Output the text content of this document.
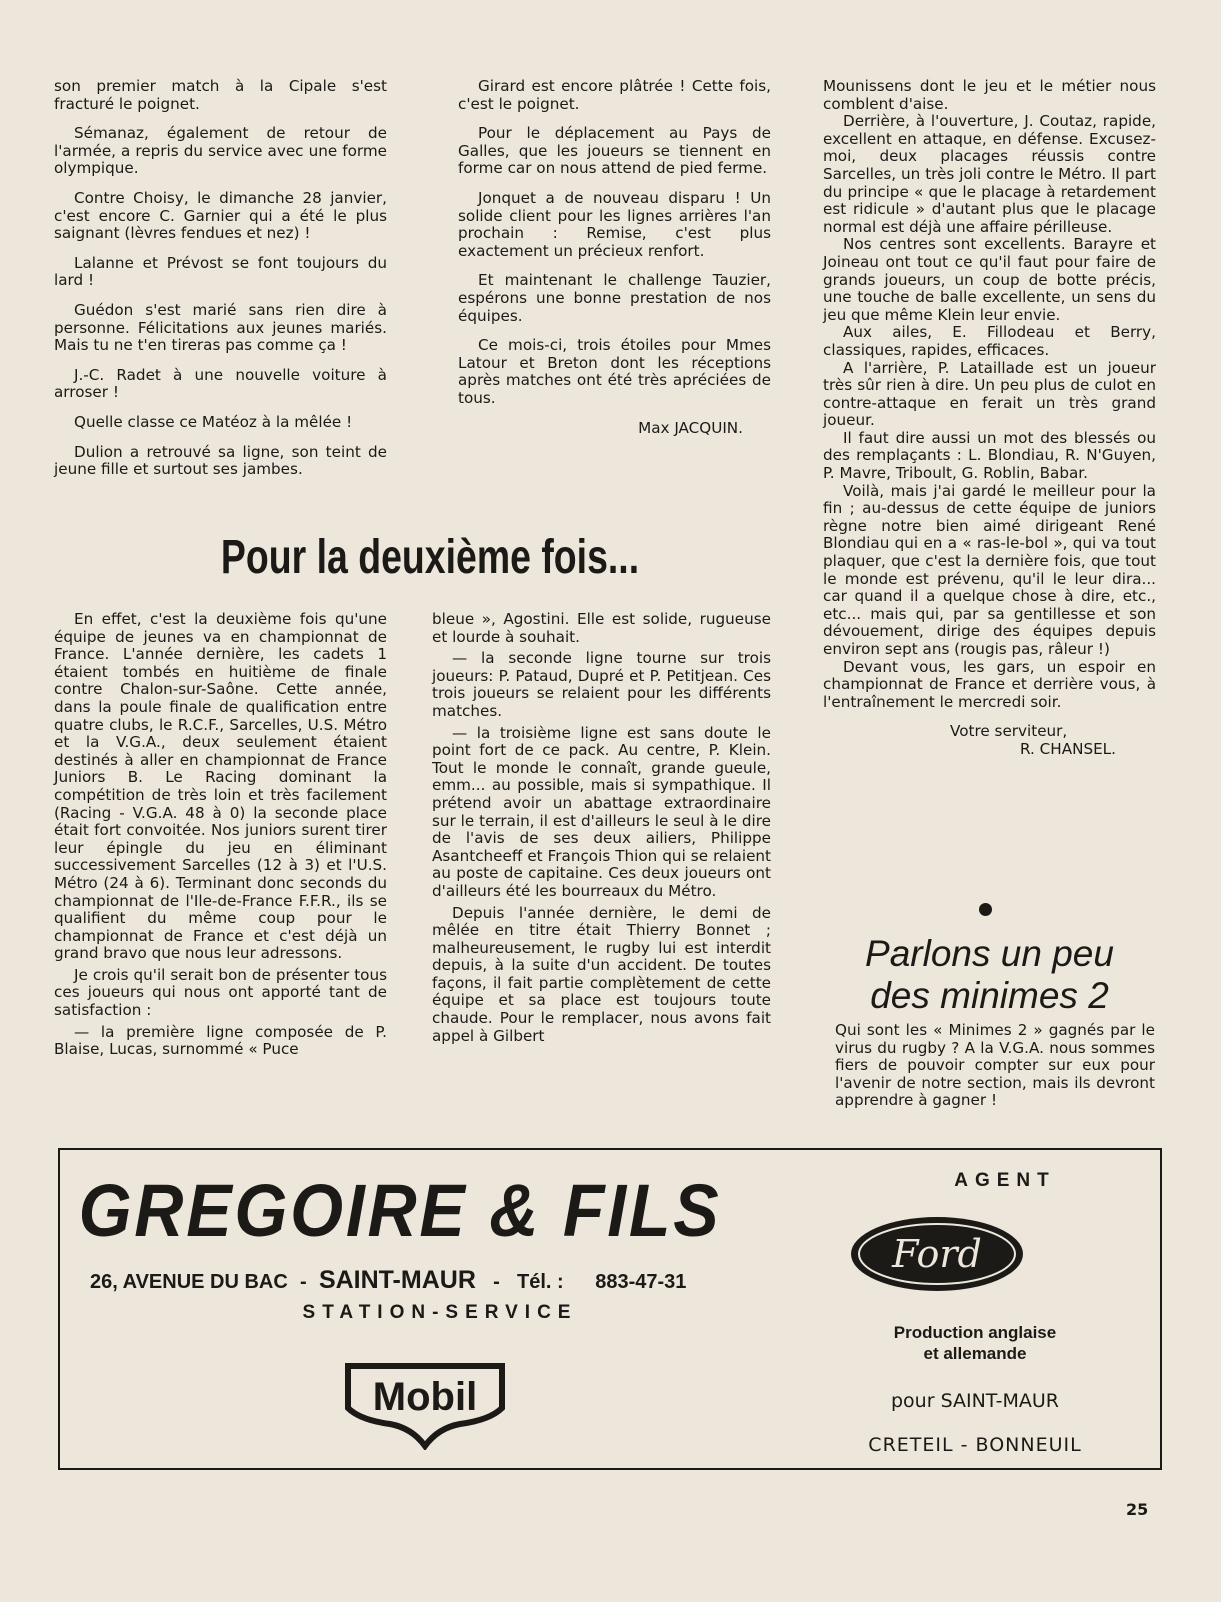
son premier match à la Cipale s'est fracturé le poignet.

Sémanaz, également de retour de l'armée, a repris du service avec une forme olympique.

Contre Choisy, le dimanche 28 janvier, c'est encore C. Garnier qui a été le plus saignant (lèvres fendues et nez) !

Lalanne et Prévost se font toujours du lard !

Guédon s'est marié sans rien dire à personne. Félicitations aux jeunes mariés. Mais tu ne t'en tireras pas comme ça !

J.-C. Radet à une nouvelle voiture à arroser !

Quelle classe ce Matéoz à la mêlée !

Dulion a retrouvé sa ligne, son teint de jeune fille et surtout ses jambes.

Girard est encore plâtrée ! Cette fois, c'est le poignet.

Pour le déplacement au Pays de Galles, que les joueurs se tiennent en forme car on nous attend de pied ferme.

Jonquet a de nouveau disparu ! Un solide client pour les lignes arrières l'an prochain : Remise, c'est plus exactement un précieux renfort.

Et maintenant le challenge Tauzier, espérons une bonne prestation de nos équipes.

Ce mois-ci, trois étoiles pour Mmes Latour et Breton dont les réceptions après matches ont été très apréciées de tous.

Max JACQUIN.

Mounissens dont le jeu et le métier nous comblent d'aise.

Derrière, à l'ouverture, J. Coutaz, rapide, excellent en attaque, en défense. Excusez-moi, deux placages réussis contre Sarcelles, un très joli contre le Métro. Il part du principe « que le placage à retardement est ridicule » d'autant plus que le placage normal est déjà une affaire périlleuse.

Nos centres sont excellents. Barayre et Joineau ont tout ce qu'il faut pour faire de grands joueurs, un coup de botte précis, une touche de balle excellente, un sens du jeu que même Klein leur envie.

Aux ailes, E. Fillodeau et Berry, classiques, rapides, efficaces.

A l'arrière, P. Lataillade est un joueur très sûr rien à dire. Un peu plus de culot en contre-attaque en ferait un très grand joueur.

Il faut dire aussi un mot des blessés ou des remplaçants : L. Blondiau, R. N'Guyen, P. Mavre, Triboult, G. Roblin, Babar.

Voilà, mais j'ai gardé le meilleur pour la fin ; au-dessus de cette équipe de juniors règne notre bien aimé dirigeant René Blondiau qui en a « ras-le-bol », qui va tout plaquer, que c'est la dernière fois, que tout le monde est prévenu, qu'il le leur dira... car quand il a quelque chose à dire, etc., etc... mais qui, par sa gentillesse et son dévouement, dirige des équipes depuis environ sept ans (rougis pas, râleur !)

Devant vous, les gars, un espoir en championnat de France et derrière vous, à l'entraînement le mercredi soir.

Votre serviteur,
R. CHANSEL.
Pour la deuxième fois...

En effet, c'est la deuxième fois qu'une équipe de jeunes va en championnat de France. L'année dernière, les cadets 1 étaient tombés en huitième de finale contre Chalon-sur-Saône. Cette année, dans la poule finale de qualification entre quatre clubs, le R.C.F., Sarcelles, U.S. Métro et la V.G.A., deux seulement étaient destinés à aller en championnat de France Juniors B. Le Racing dominant la compétition de très loin et très facilement (Racing - V.G.A. 48 à 0) la seconde place était fort convoitée. Nos juniors surent tirer leur épingle du jeu en éliminant successivement Sarcelles (12 à 3) et l'U.S. Métro (24 à 6). Terminant donc seconds du championnat de l'Ile-de-France F.F.R., ils se qualifient du même coup pour le championnat de France et c'est déjà un grand bravo que nous leur adressons.

Je crois qu'il serait bon de présenter tous ces joueurs qui nous ont apporté tant de satisfaction :

— la première ligne composée de P. Blaise, Lucas, surnommé « Puce

bleue », Agostini. Elle est solide, rugueuse et lourde à souhait.

— la seconde ligne tourne sur trois joueurs: P. Pataud, Dupré et P. Petitjean. Ces trois joueurs se relaient pour les différents matches.

— la troisième ligne est sans doute le point fort de ce pack. Au centre, P. Klein. Tout le monde le connaît, grande gueule, emm... au possible, mais si sympathique. Il prétend avoir un abattage extraordinaire sur le terrain, il est d'ailleurs le seul à le dire de l'avis de ses deux ailiers, Philippe Asantcheeff et François Thion qui se relaient au poste de capitaine. Ces deux joueurs ont d'ailleurs été les bourreaux du Métro.

Depuis l'année dernière, le demi de mêlée en titre était Thierry Bonnet ; malheureusement, le rugby lui est interdit depuis, à la suite d'un accident. De toutes façons, il fait partie complètement de cette équipe et sa place est toujours toute chaude. Pour le remplacer, nous avons fait appel à Gilbert

Parlons un peu
des minimes 2
Qui sont les « Minimes 2 » gagnés par le virus du rugby ? A la V.G.A. nous sommes fiers de pouvoir compter sur eux pour l'avenir de notre section, mais ils devront apprendre à gagner !
GREGOIRE & FILS
26, AVENUE DU BAC - SAINT-MAUR - Tél. : 883-47-31
STATION-SERVICE
Mobil
AGENT
Ford
Production anglaise
et allemande
pour SAINT-MAUR
CRETEIL - BONNEUIL
25
